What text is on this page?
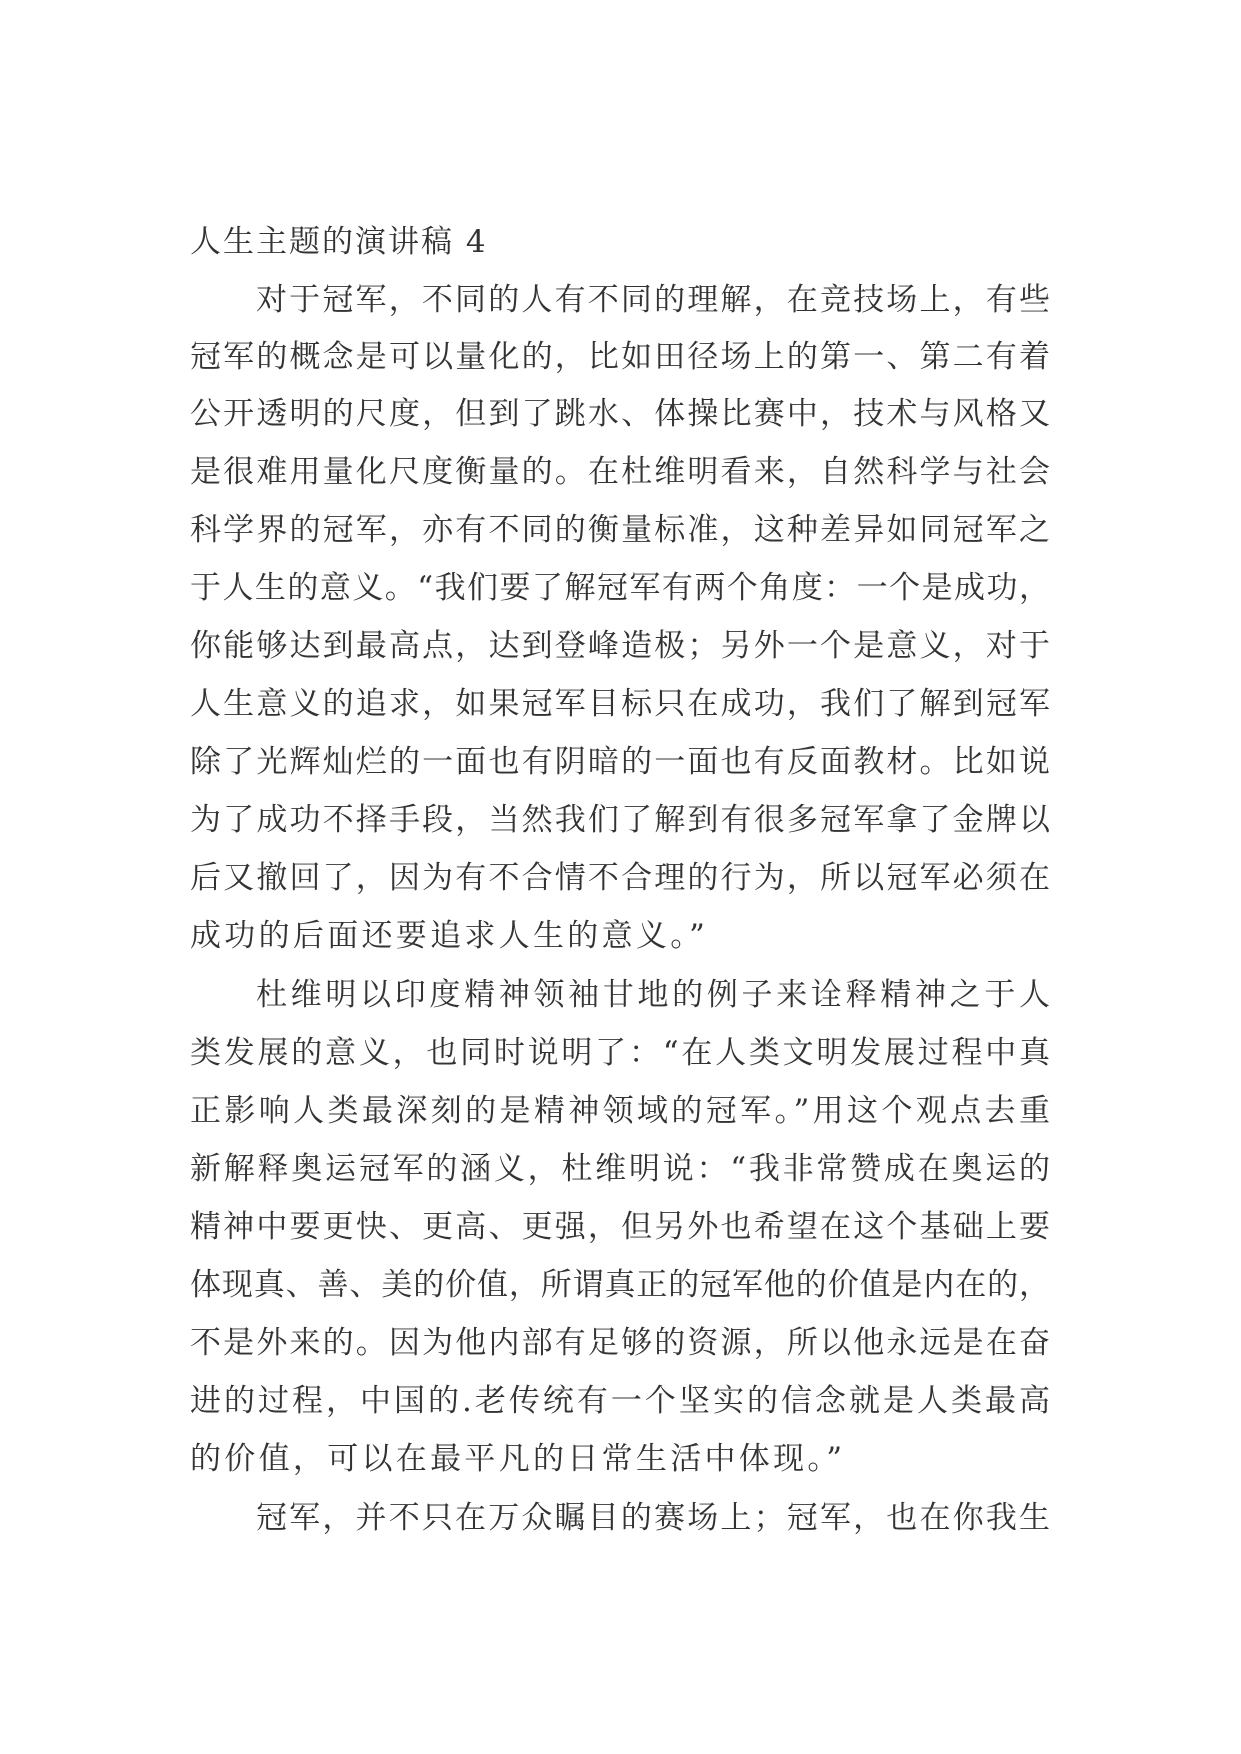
人生主题的演讲稿 4
对于冠军，不同的人有不同的理解，在竞技场上，有些
冠军的概念是可以量化的，比如田径场上的第一、第二有着
公开透明的尺度，但到了跳水、体操比赛中，技术与风格又
是很难用量化尺度衡量的。在杜维明看来，自然科学与社会
科学界的冠军，亦有不同的衡量标准，这种差异如同冠军之
于人生的意义。“我们要了解冠军有两个角度：一个是成功，
你能够达到最高点，达到登峰造极；另外一个是意义，对于
人生意义的追求，如果冠军目标只在成功，我们了解到冠军
除了光辉灿烂的一面也有阴暗的一面也有反面教材。比如说
为了成功不择手段，当然我们了解到有很多冠军拿了金牌以
后又撤回了，因为有不合情不合理的行为，所以冠军必须在
成功的后面还要追求人生的意义。”
杜维明以印度精神领袖甘地的例子来诠释精神之于人
类发展的意义，也同时说明了：“在人类文明发展过程中真
正影响人类最深刻的是精神领域的冠军。”用这个观点去重
新解释奥运冠军的涵义，杜维明说：“我非常赞成在奥运的
精神中要更快、更高、更强，但另外也希望在这个基础上要
体现真、善、美的价值，所谓真正的冠军他的价值是内在的，
不是外来的。因为他内部有足够的资源，所以他永远是在奋
进的过程，中国的.老传统有一个坚实的信念就是人类最高
的价值，可以在最平凡的日常生活中体现。”
冠军，并不只在万众瞩目的赛场上；冠军，也在你我生
